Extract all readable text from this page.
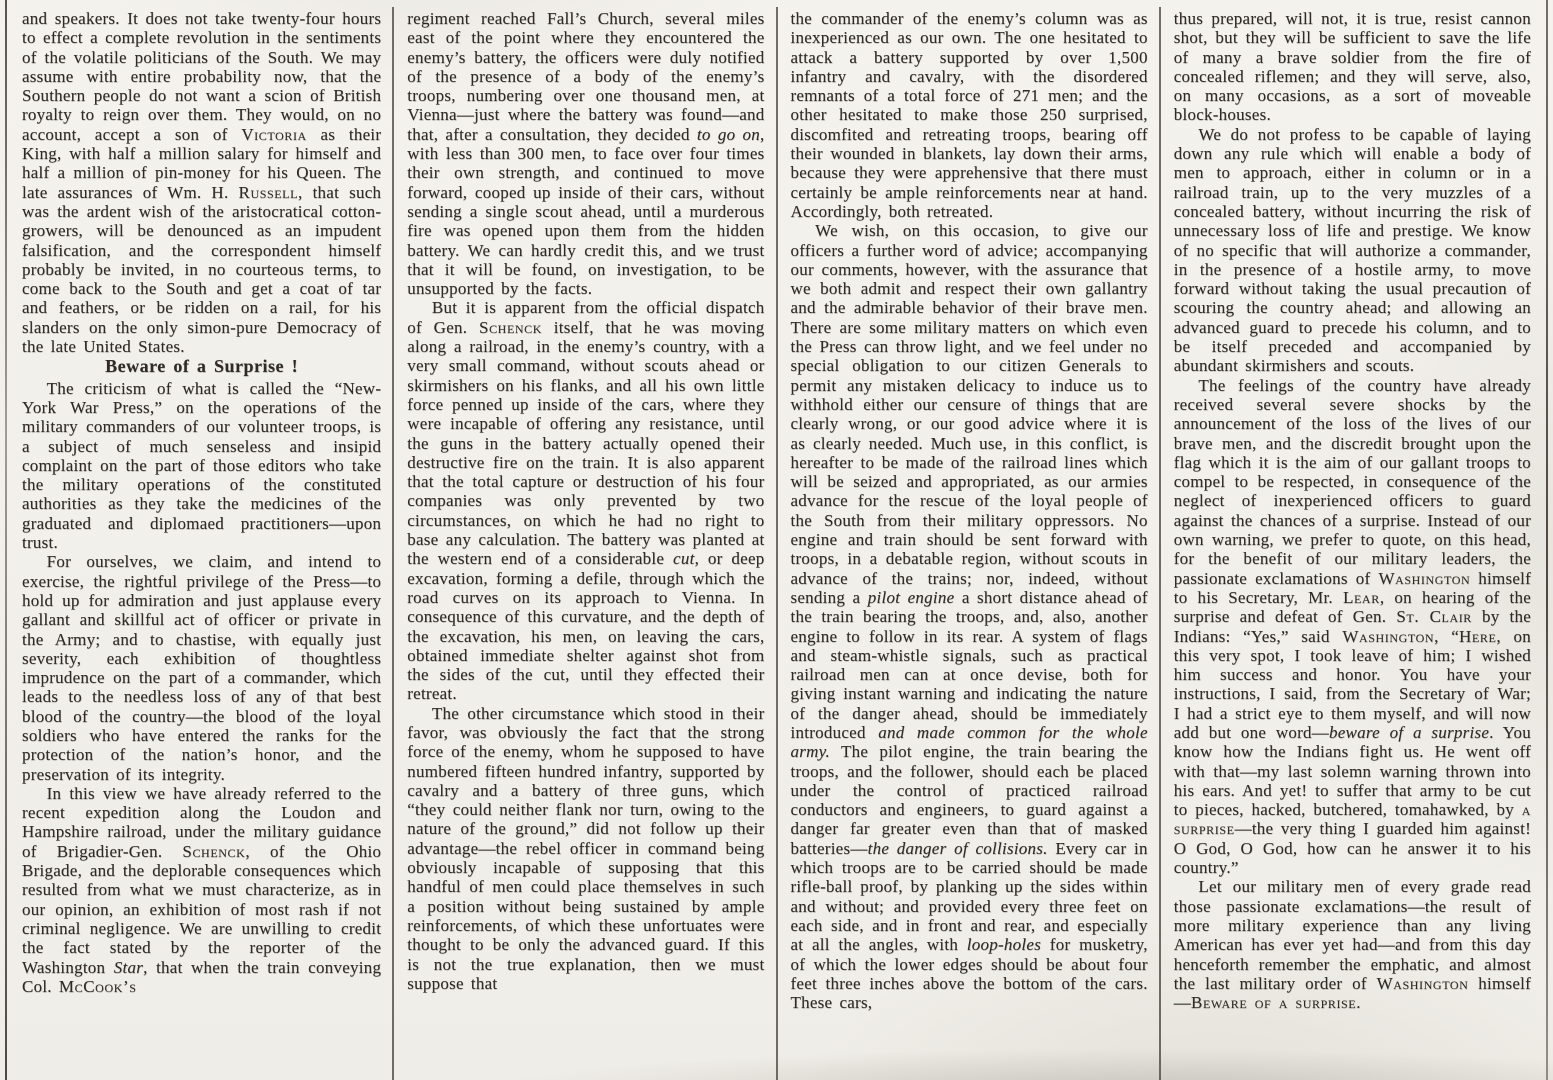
and speakers. It does not take twenty-four hours to effect a complete revolution in the sentiments of the volatile politicians of the South. We may assume with entire probability now, that the Southern people do not want a scion of British royalty to reign over them. They would, on no account, accept a son of Victoria as their King, with half a million salary for himself and half a million of pin-money for his Queen. The late assurances of Wm. H. Russell, that such was the ardent wish of the aristocratical cotton-growers, will be denounced as an impudent falsification, and the correspondent himself probably be invited, in no courteous terms, to come back to the South and get a coat of tar and feathers, or be ridden on a rail, for his slanders on the only simon-pure Democracy of the late United States.

Beware of a Surprise !

The criticism of what is called the “New-York War Press,” on the operations of the military commanders of our volunteer troops, is a subject of much senseless and insipid complaint on the part of those editors who take the military operations of the constituted authorities as they take the medicines of the graduated and diplomaed practitioners—upon trust.

For ourselves, we claim, and intend to exercise, the rightful privilege of the Press—to hold up for admiration and just applause every gallant and skillful act of officer or private in the Army; and to chastise, with equally just severity, each exhibition of thoughtless imprudence on the part of a commander, which leads to the needless loss of any of that best blood of the country—the blood of the loyal soldiers who have entered the ranks for the protection of the nation’s honor, and the preservation of its integrity.

In this view we have already referred to the recent expedition along the Loudon and Hampshire railroad, under the military guidance of Brigadier-Gen. Schenck, of the Ohio Brigade, and the deplorable consequences which resulted from what we must characterize, as in our opinion, an exhibition of most rash if not criminal negligence. We are unwilling to credit the fact stated by the reporter of the Washington Star, that when the train conveying Col. McCook’s

regiment reached Fall’s Church, several miles east of the point where they encountered the enemy’s battery, the officers were duly notified of the presence of a body of the enemy’s troops, numbering over one thousand men, at Vienna—just where the battery was found—and that, after a consultation, they decided to go on, with less than 300 men, to face over four times their own strength, and continued to move forward, cooped up inside of their cars, without sending a single scout ahead, until a murderous fire was opened upon them from the hidden battery. We can hardly credit this, and we trust that it will be found, on investigation, to be unsupported by the facts.

But it is apparent from the official dispatch of Gen. Schenck itself, that he was moving along a railroad, in the enemy’s country, with a very small command, without scouts ahead or skirmishers on his flanks, and all his own little force penned up inside of the cars, where they were incapable of offering any resistance, until the guns in the battery actually opened their destructive fire on the train. It is also apparent that the total capture or destruction of his four companies was only prevented by two circumstances, on which he had no right to base any calculation. The battery was planted at the western end of a considerable cut, or deep excavation, forming a defile, through which the road curves on its approach to Vienna. In consequence of this curvature, and the depth of the excavation, his men, on leaving the cars, obtained immediate shelter against shot from the sides of the cut, until they effected their retreat.

The other circumstance which stood in their favor, was obviously the fact that the strong force of the enemy, whom he supposed to have numbered fifteen hundred infantry, supported by cavalry and a battery of three guns, which “they could neither flank nor turn, owing to the nature of the ground,” did not follow up their advantage—the rebel officer in command being obviously incapable of supposing that this handful of men could place themselves in such a position without being sustained by ample reinforcements, of which these unfortuates were thought to be only the advanced guard. If this is not the true explanation, then we must suppose that

the commander of the enemy’s column was as inexperienced as our own. The one hesitated to attack a battery supported by over 1,500 infantry and cavalry, with the disordered remnants of a total force of 271 men; and the other hesitated to make those 250 surprised, discomfited and retreating troops, bearing off their wounded in blankets, lay down their arms, because they were apprehensive that there must certainly be ample reinforcements near at hand. Accordingly, both retreated.

We wish, on this occasion, to give our officers a further word of advice; accompanying our comments, however, with the assurance that we both admit and respect their own gallantry and the admirable behavior of their brave men. There are some military matters on which even the Press can throw light, and we feel under no special obligation to our citizen Generals to permit any mistaken delicacy to induce us to withhold either our censure of things that are clearly wrong, or our good advice where it is as clearly needed. Much use, in this conflict, is hereafter to be made of the railroad lines which will be seized and appropriated, as our armies advance for the rescue of the loyal people of the South from their military oppressors. No engine and train should be sent forward with troops, in a debatable region, without scouts in advance of the trains; nor, indeed, without sending a pilot engine a short distance ahead of the train bearing the troops, and, also, another engine to follow in its rear. A system of flags and steam-whistle signals, such as practical railroad men can at once devise, both for giving instant warning and indicating the nature of the danger ahead, should be immediately introduced and made common for the whole army. The pilot engine, the train bearing the troops, and the follower, should each be placed under the control of practiced railroad conductors and engineers, to guard against a danger far greater even than that of masked batteries—the danger of collisions. Every car in which troops are to be carried should be made rifle-ball proof, by planking up the sides within and without; and provided every three feet on each side, and in front and rear, and especially at all the angles, with loop-holes for musketry, of which the lower edges should be about four feet three inches above the bottom of the cars. These cars,

thus prepared, will not, it is true, resist cannon shot, but they will be sufficient to save the life of many a brave soldier from the fire of concealed riflemen; and they will serve, also, on many occasions, as a sort of moveable block-houses.

We do not profess to be capable of laying down any rule which will enable a body of men to approach, either in column or in a railroad train, up to the very muzzles of a concealed battery, without incurring the risk of unnecessary loss of life and prestige. We know of no specific that will authorize a commander, in the presence of a hostile army, to move forward without taking the usual precaution of scouring the country ahead; and allowing an advanced guard to precede his column, and to be itself preceded and accompanied by abundant skirmishers and scouts.

The feelings of the country have already received several severe shocks by the announcement of the loss of the lives of our brave men, and the discredit brought upon the flag which it is the aim of our gallant troops to compel to be respected, in consequence of the neglect of inexperienced officers to guard against the chances of a surprise. Instead of our own warning, we prefer to quote, on this head, for the benefit of our military leaders, the passionate exclamations of Washington himself to his Secretary, Mr. Lear, on hearing of the surprise and defeat of Gen. St. Clair by the Indians: “Yes,” said Washington, “Here, on this very spot, I took leave of him; I wished him success and honor. You have your instructions, I said, from the Secretary of War; I had a strict eye to them myself, and will now add but one word—beware of a surprise. You know how the Indians fight us. He went off with that—my last solemn warning thrown into his ears. And yet! to suffer that army to be cut to pieces, hacked, butchered, tomahawked, by a surprise—the very thing I guarded him against! O God, O God, how can he answer it to his country.”

Let our military men of every grade read those passionate exclamations—the result of more military experience than any living American has ever yet had—and from this day henceforth remember the emphatic, and almost the last military order of Washington himself—Beware of a surprise.
